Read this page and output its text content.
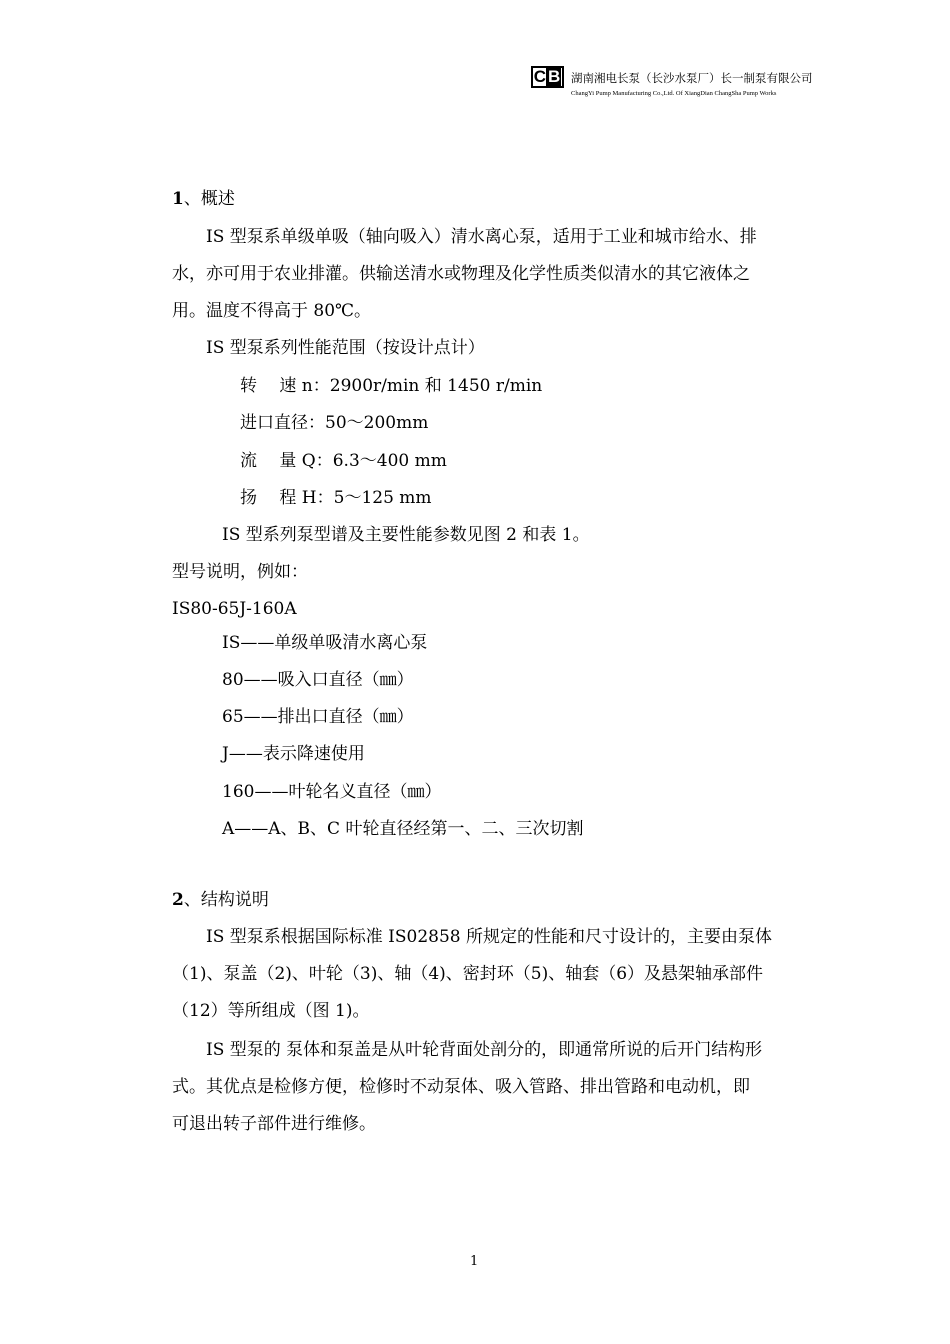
C B	湖南湘电长泵（长沙水泵厂）长一制泵有限公司
ChangYi Pump Manufacturing Co.,Ltd. Of XiangDian ChangSha Pump Works
1、概述
IS 型泵系单级单吸（轴向吸入）清水离心泵，适用于工业和城市给水、排
水，亦可用于农业排灌。供输送清水或物理及化学性质类似清水的其它液体之
用。温度不得高于 80℃。
IS 型泵系列性能范围（按设计点计）
转　 速 n：2900r/min 和 1450 r/min
进口直径：50～200mm
流　 量 Q：6.3～400 mm
扬　 程 H：5～125 mm
IS 型系列泵型谱及主要性能参数见图 2 和表 1。
型号说明，例如：
IS80-65J-160A
IS——单级单吸清水离心泵
80——吸入口直径（㎜）
65——排出口直径（㎜）
J——表示降速使用
160——叶轮名义直径（㎜）
A——A、B、C 叶轮直径经第一、二、三次切割
2、结构说明
IS 型泵系根据国际标准 IS02858 所规定的性能和尺寸设计的，主要由泵体
（1)、泵盖（2)、叶轮（3)、轴（4)、密封环（5)、轴套（6）及悬架轴承部件
（12）等所组成（图 1)。
IS 型泵的 泵体和泵盖是从叶轮背面处剖分的，即通常所说的后开门结构形
式。其优点是检修方便，检修时不动泵体、吸入管路、排出管路和电动机，即
可退出转子部件进行维修。
1
